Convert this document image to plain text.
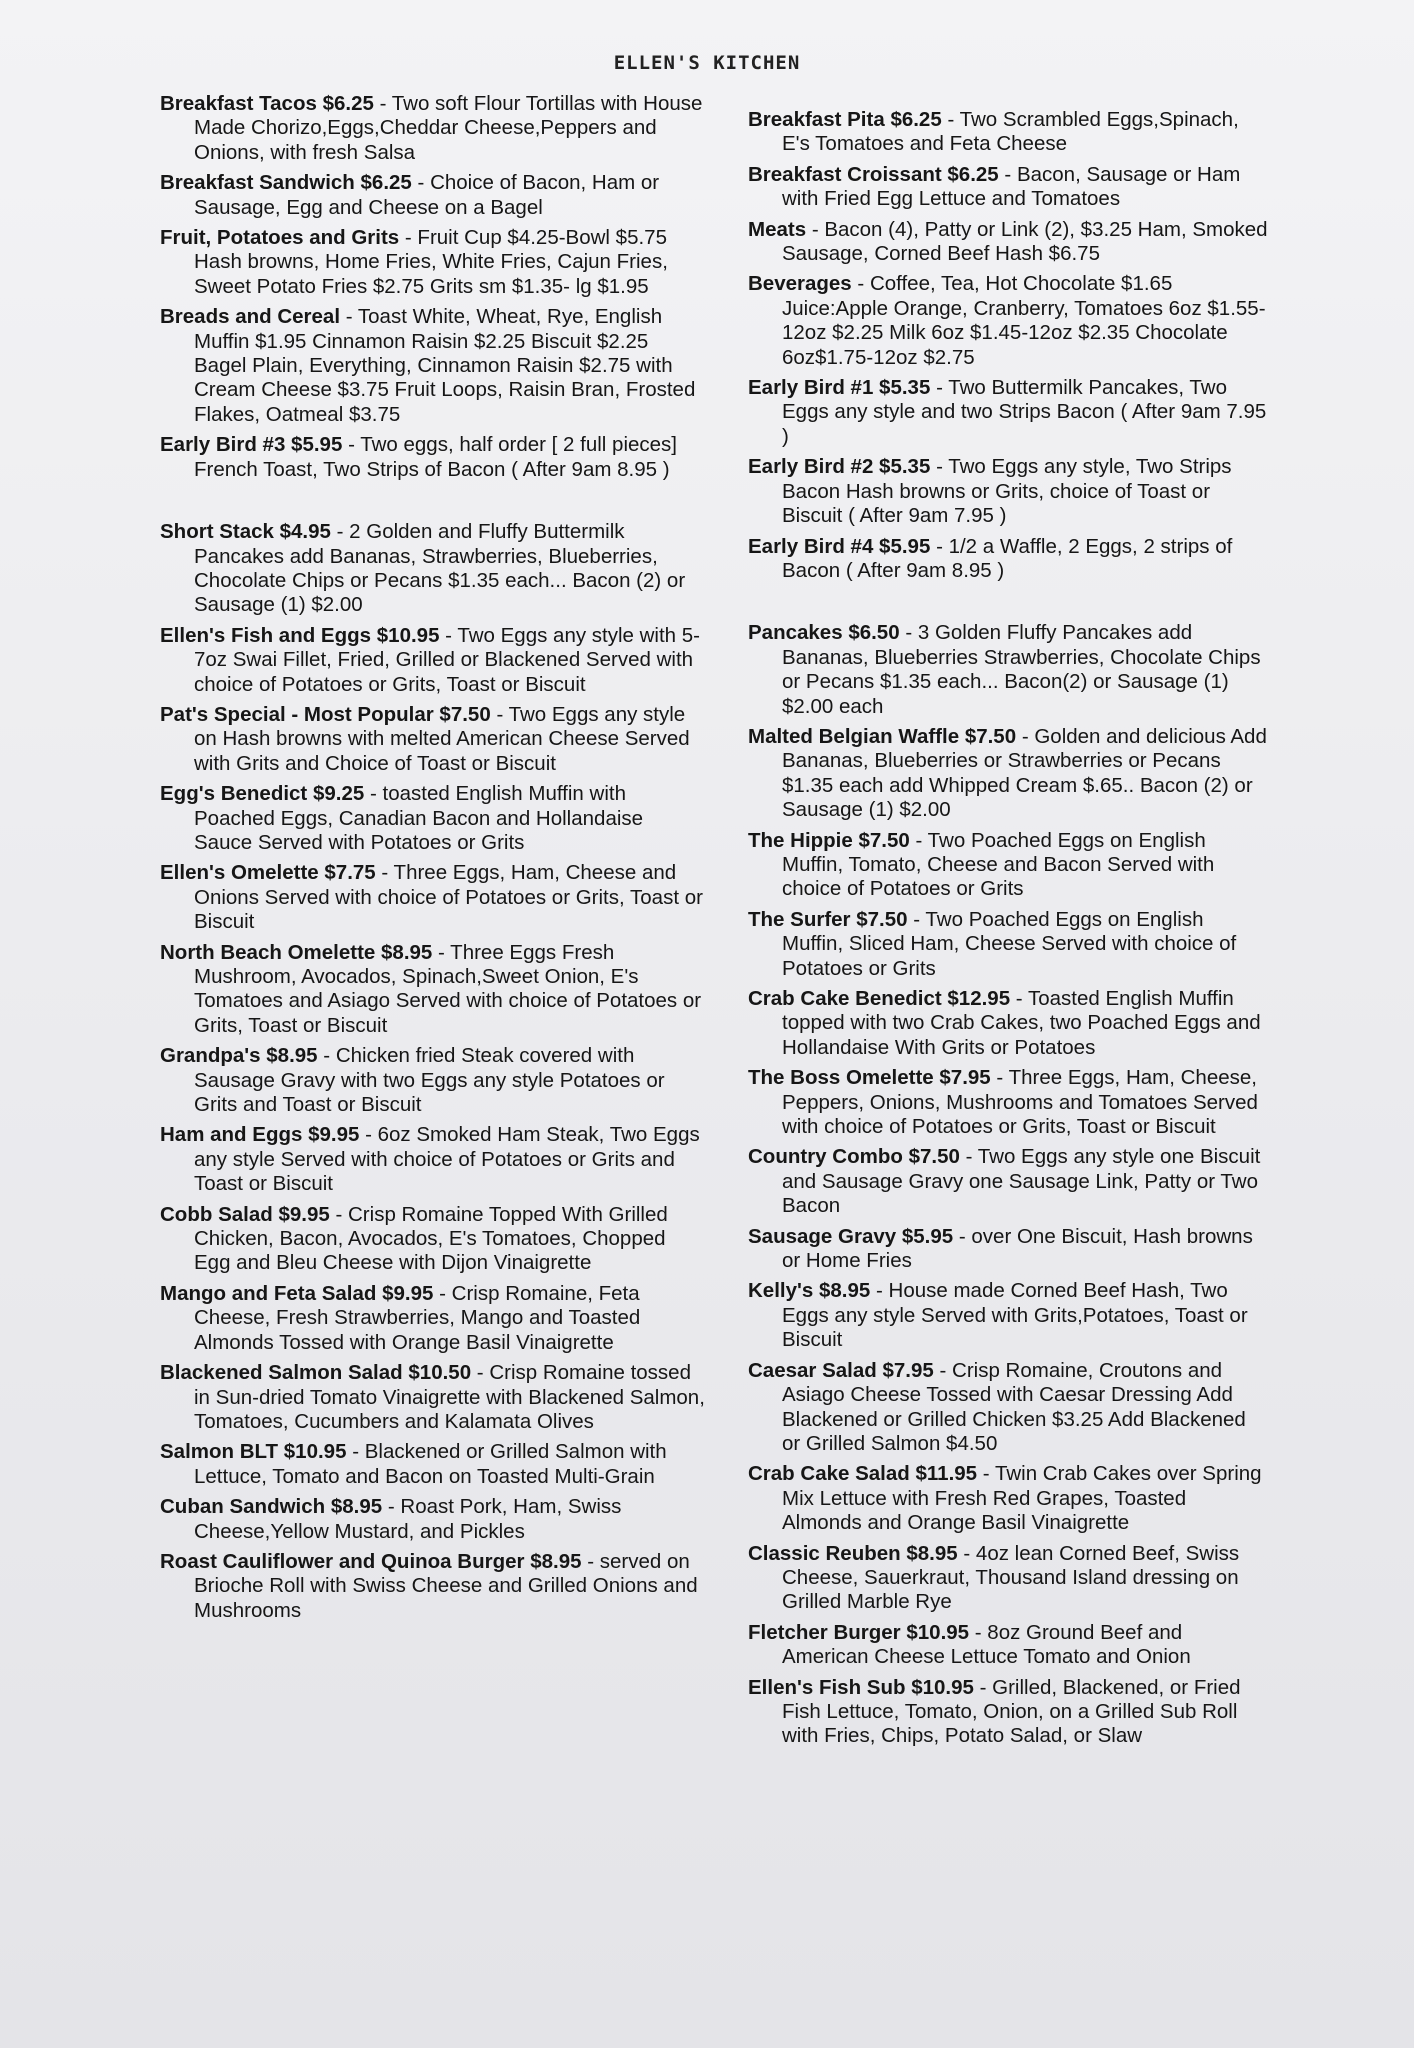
ELLEN'S KITCHEN

Breakfast Tacos $6.25 - Two soft Flour Tortillas with House Made Chorizo,Eggs,Cheddar Cheese,Peppers and Onions, with fresh Salsa

Breakfast Sandwich $6.25 - Choice of Bacon, Ham or Sausage, Egg and Cheese on a Bagel

Fruit, Potatoes and Grits - Fruit Cup $4.25-Bowl $5.75 Hash browns, Home Fries, White Fries, Cajun Fries, Sweet Potato Fries $2.75 Grits sm $1.35- lg $1.95

Breads and Cereal - Toast White, Wheat, Rye, English Muffin $1.95 Cinnamon Raisin $2.25 Biscuit $2.25 Bagel Plain, Everything, Cinnamon Raisin $2.75 with Cream Cheese $3.75 Fruit Loops, Raisin Bran, Frosted Flakes, Oatmeal $3.75

Early Bird #3 $5.95 - Two eggs, half order [ 2 full pieces] French Toast, Two Strips of Bacon ( After 9am 8.95 )

Short Stack $4.95 - 2 Golden and Fluffy Buttermilk Pancakes add Bananas, Strawberries, Blueberries, Chocolate Chips or Pecans $1.35 each... Bacon (2) or Sausage (1) $2.00

Ellen's Fish and Eggs $10.95 - Two Eggs any style with 5-7oz Swai Fillet, Fried, Grilled or Blackened Served with choice of Potatoes or Grits, Toast or Biscuit

Pat's Special - Most Popular $7.50 - Two Eggs any style on Hash browns with melted American Cheese Served with Grits and Choice of Toast or Biscuit

Egg's Benedict $9.25 - toasted English Muffin with Poached Eggs, Canadian Bacon and Hollandaise Sauce Served with Potatoes or Grits

Ellen's Omelette $7.75 - Three Eggs, Ham, Cheese and Onions Served with choice of Potatoes or Grits, Toast or Biscuit

North Beach Omelette $8.95 - Three Eggs Fresh Mushroom, Avocados, Spinach,Sweet Onion, E's Tomatoes and Asiago Served with choice of Potatoes or Grits, Toast or Biscuit

Grandpa's $8.95 - Chicken fried Steak covered with Sausage Gravy with two Eggs any style Potatoes or Grits and Toast or Biscuit

Ham and Eggs $9.95 - 6oz Smoked Ham Steak, Two Eggs any style Served with choice of Potatoes or Grits and Toast or Biscuit

Cobb Salad $9.95 - Crisp Romaine Topped With Grilled Chicken, Bacon, Avocados, E's Tomatoes, Chopped Egg and Bleu Cheese with Dijon Vinaigrette

Mango and Feta Salad $9.95 - Crisp Romaine, Feta Cheese, Fresh Strawberries, Mango and Toasted Almonds Tossed with Orange Basil Vinaigrette

Blackened Salmon Salad $10.50 - Crisp Romaine tossed in Sun-dried Tomato Vinaigrette with Blackened Salmon, Tomatoes, Cucumbers and Kalamata Olives

Salmon BLT $10.95 - Blackened or Grilled Salmon with Lettuce, Tomato and Bacon on Toasted Multi-Grain

Cuban Sandwich $8.95 - Roast Pork, Ham, Swiss Cheese,Yellow Mustard, and Pickles

Roast Cauliflower and Quinoa Burger $8.95 - served on Brioche Roll with Swiss Cheese and Grilled Onions and Mushrooms

Breakfast Pita $6.25 - Two Scrambled Eggs,Spinach, E's Tomatoes and Feta Cheese

Breakfast Croissant $6.25 - Bacon, Sausage or Ham with Fried Egg Lettuce and Tomatoes

Meats - Bacon (4), Patty or Link (2), $3.25 Ham, Smoked Sausage, Corned Beef Hash $6.75

Beverages - Coffee, Tea, Hot Chocolate $1.65 Juice:Apple Orange, Cranberry, Tomatoes 6oz $1.55- 12oz $2.25 Milk 6oz $1.45-12oz $2.35 Chocolate 6oz$1.75-12oz $2.75

Early Bird #1 $5.35 - Two Buttermilk Pancakes, Two Eggs any style and two Strips Bacon ( After 9am 7.95 )

Early Bird #2 $5.35 - Two Eggs any style, Two Strips Bacon Hash browns or Grits, choice of Toast or Biscuit ( After 9am 7.95 )

Early Bird #4 $5.95 - 1/2 a Waffle, 2 Eggs, 2 strips of Bacon ( After 9am 8.95 )

Pancakes $6.50 - 3 Golden Fluffy Pancakes add Bananas, Blueberries Strawberries, Chocolate Chips or Pecans $1.35 each... Bacon(2) or Sausage (1) $2.00 each

Malted Belgian Waffle $7.50 - Golden and delicious Add Bananas, Blueberries or Strawberries or Pecans $1.35 each add Whipped Cream $.65.. Bacon (2) or Sausage (1) $2.00

The Hippie $7.50 - Two Poached Eggs on English Muffin, Tomato, Cheese and Bacon Served with choice of Potatoes or Grits

The Surfer $7.50 - Two Poached Eggs on English Muffin, Sliced Ham, Cheese Served with choice of Potatoes or Grits

Crab Cake Benedict $12.95 - Toasted English Muffin topped with two Crab Cakes, two Poached Eggs and Hollandaise With Grits or Potatoes

The Boss Omelette $7.95 - Three Eggs, Ham, Cheese, Peppers, Onions, Mushrooms and Tomatoes Served with choice of Potatoes or Grits, Toast or Biscuit

Country Combo $7.50 - Two Eggs any style one Biscuit and Sausage Gravy one Sausage Link, Patty or Two Bacon

Sausage Gravy $5.95 - over One Biscuit, Hash browns or Home Fries

Kelly's $8.95 - House made Corned Beef Hash, Two Eggs any style Served with Grits,Potatoes, Toast or Biscuit

Caesar Salad $7.95 - Crisp Romaine, Croutons and Asiago Cheese Tossed with Caesar Dressing Add Blackened or Grilled Chicken $3.25 Add Blackened or Grilled Salmon $4.50

Crab Cake Salad $11.95 - Twin Crab Cakes over Spring Mix Lettuce with Fresh Red Grapes, Toasted Almonds and Orange Basil Vinaigrette

Classic Reuben $8.95 - 4oz lean Corned Beef, Swiss Cheese, Sauerkraut, Thousand Island dressing on Grilled Marble Rye

Fletcher Burger $10.95 - 8oz Ground Beef and American Cheese Lettuce Tomato and Onion

Ellen's Fish Sub $10.95 - Grilled, Blackened, or Fried Fish Lettuce, Tomato, Onion, on a Grilled Sub Roll with Fries, Chips, Potato Salad, or Slaw
